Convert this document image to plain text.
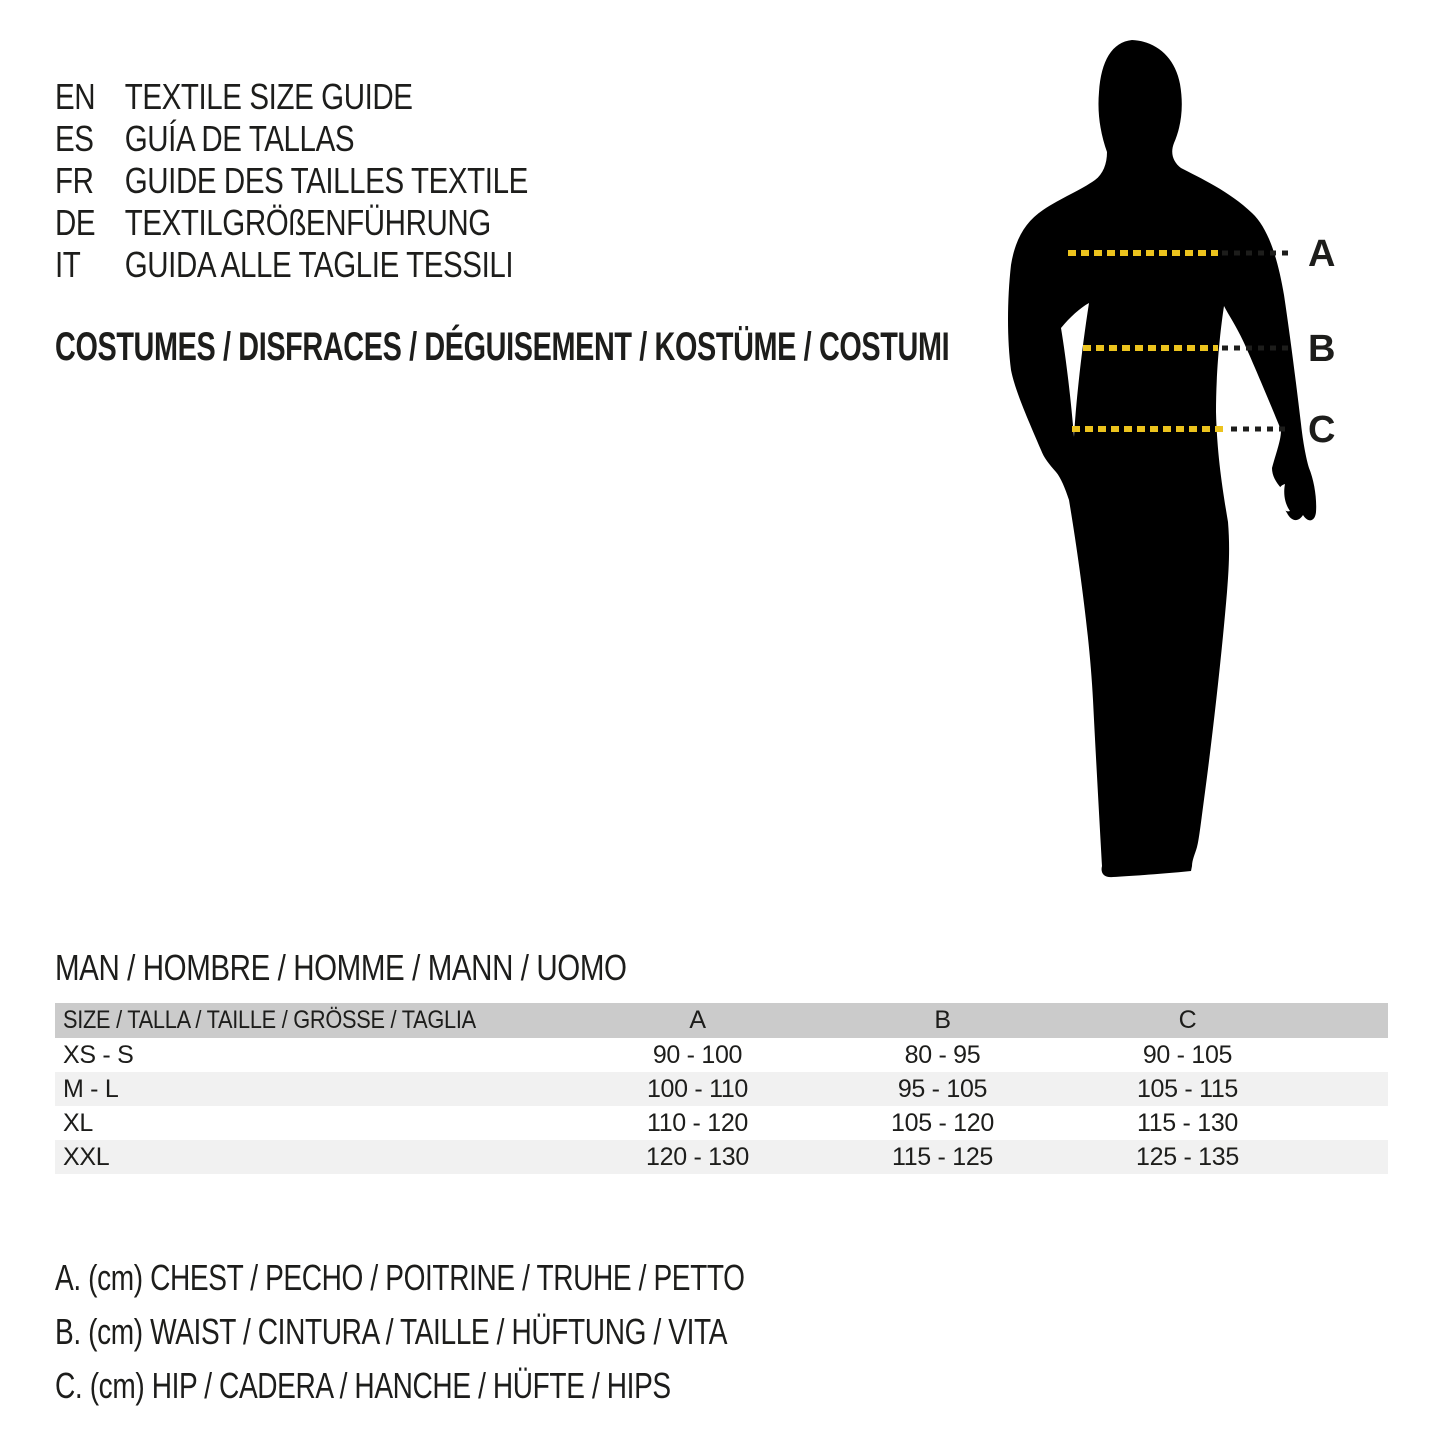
EN TEXTILE SIZE GUIDE
ES GUÍA DE TALLAS
FR GUIDE DES TAILLES TEXTILE
DE TEXTILGRÖßENFÜHRUNG
IT	GUIDA ALLE TAGLIE TESSILI
COSTUMES / DISFRACES / DÉGUISEMENT / KOSTÜME / COSTUMI
A
B
C
MAN / HOMBRE / HOMME / MANN / UOMO
SIZE / TALLA / TAILLE / GRÖSSE / TAGLIA	A	B	C
XS - S	90 - 100	80 - 95	90 - 105
M - L	100 - 110	95 - 105	105 - 115
XL	110 - 120	105 - 120	115 - 130
XXL	120 - 130	115 - 125	125 - 135
A. (cm) CHEST / PECHO / POITRINE / TRUHE / PETTO
B. (cm) WAIST / CINTURA / TAILLE / HÜFTUNG / VITA
C. (cm) HIP / CADERA / HANCHE / HÜFTE / HIPS
